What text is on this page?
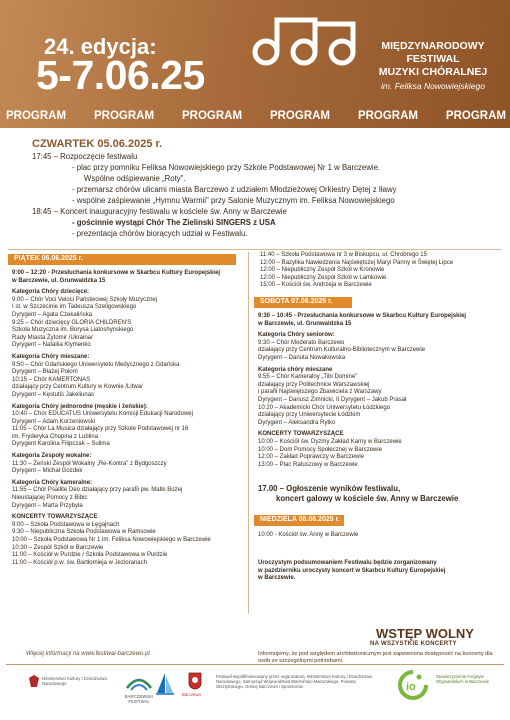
24. edycja:
5-7.06.25
MIĘDZYNARODOWY
FESTIWAL
MUZYKI CHÓRALNEJ
im. Feliksa Nowowiejskiego
PROGRAM PROGRAM PROGRAM PROGRAM PROGRAM PROGRAM
CZWARTEK 05.06.2025 r.
17:45 – Rozpoczęcie festiwalu
- plac przy pomniku Feliksa Nowowiejskiego przy Szkole Podstawowej Nr 1 w Barczewie.
Wspólne odśpiewanie „Roty".
- przemarsz chórów ulicami miasta Barczewo z udziałem Młodzieżowej Orkiestry Dętej z Iławy
- wspólne zaśpiewanie „Hymnu Warmii" przy Salonie Muzycznym im. Feliksa Nowowiejskiego
18:45 – Koncert inauguracyjny festiwalu w kościele św. Anny w Barczewie
- gościnnie wystąpi Chór The Zielinski SINGERS z USA
- prezentacja chórów biorących udział w Festiwalu.
PIĄTEK 06.06.2025 r.
9:00 – 12:20 - Przesłuchania konkursowe w Skarbcu Kultury Europejskiej
w Barczewie, ul. Grunwaldzka 15
Kategoria Chóry dziecięce:
9:00 – Chór Voci Veloci Państwowej Szkoły Muzycznej
I st. w Szczecinie im Tadeusza Szeligowskiego
Dyrygent – Agata Czekalińska
9:25 – Chór dziecięcy GLORIA CHILDREN'S
Szkoła Muzyczna im. Borysa Liatoshynskiego
Rady Miasta Żytomir /Ukraina/
Dyrygent – Nataliia Klymenko
Kategoria Chóry mieszane:
9:50 – Chór Gdańskiego Uniwersytetu Medycznego z Gdańska
Dyrygent – Błażej Połom
10:15 – Chór KAMERTONAS
działający przy Centrum Kultury w Kownie /Litwa/
Dyrygent – Kęstutis Jakeliunas
Kategoria Chóry jednorodne (męskie i żeńskie):
10:40 – Chór EDUCATUS Uniwersytetu Komisji Edukacji Narodowej
Dyrygent – Adam Korzeniowski
11:05 – Chór La Musica działający przy Szkole Podstawowej nr 16
im. Fryderyka Chopina z Lublina
Dyrygent Karolina Filipczak – Sulima
Kategoria Zespoły wokalne:
11:30 – Żeński Zespół Wokalny „Re-Kontra" z Bydgoszczy
Dyrygent – Michał Gozdek
Kategoria Chóry kameralne:
11:55 – Chór Psallite Deo działający przy parafii pw. Matki Bożej
Nieustającej Pomocy z Bibic
Dyrygent – Marta Przybyła
KONCERTY TOWARZYSZĄCE
9:00 – Szkoła Podstawowa w Łęgajnach
9:30 – Niepubliczna Szkoła Podstawowa w Ramsowie
10:00 – Szkoła Podstawowa Nr 1 im. Feliksa Nowowiejskiego w Barczewie
10:30 – Zespół Szkół w Barczewie
11:00 – Kościół w Purdzie / Szkoła Podstawowa w Purdzie
11:00 – Kościół p.w. św. Bartłomieja w Jezioranach
11:40 – Szkoła Podstawowa nr 3 w Biskupcu, ul. Chrobrego 15
12:00 – Bazylika Nawiedzenia Najświętszej Maryi Panny w Świętej Lipce
12:00 – Niepubliczny Zespół Szkół w Kronowie
12:00 – Niepubliczny Zespół Szkół w Lamkowie
15:00 – Kościół św. Andrzeja w Barczewie
SOBOTA 07.06.2025 r.
9:30 – 10:45 - Przesłuchania konkursowe w Skarbcu Kultury Europejskiej
w Barczewie, ul. Grunwaldzka 15
Kategoria Chóry seniorów:
9:30 – Chór Moderato Barczewo
działający przy Centrum Kulturalno-Bibliotecznym w Barczewie
Dyrygent – Danuta Nowakowska
Kategoria chóry mieszane
9:55 – Chór Kameralny „Tibi Domine"
działający przy Politechnice Warszawskiej
i parafii Najświętszego Zbawiciela z Warszawy
Dyrygent – Dariusz Zimnicki, II Dyrygent – Jakub Prasał
10:20 – Akademicki Chór Uniwersytetu Łódzkiego
działający przy Uniwersytecie Łódzkim
Dyrygent – Aleksandra Rytko
KONCERTY TOWARZYSZĄCE
10:00 – Kościół św. Dyzmy Zakład Karny w Barczewie
10:00 – Dom Pomocy Społecznej w Barczewie
12:00 – Zakład Poprawczy w Barczewie
13:00 – Plac Ratuszowy w Barczewie
17.00 – Ogłoszenie wyników festiwalu,
koncert galowy w kościele św. Anny w Barczewie
NIEDZIELA 08.06.2025 r.
10:00 - Kościół św. Anny w Barczewie
Uroczystym podsumowaniem Festiwalu będzie zorganizowany
w październiku uroczysty koncert w Skarbcu Kultury Europejskiej
w Barczewie.
WSTĘP WOLNY
NA WSZYSTKIE KONCERTY
Więcej informacji na www.festiwal-barczewo.pl	Informujemy, że pod względem architektonicznym jest zapewniona dostępność na koncerty dla osób ze szczególnymi potrzebami.
Ministerstwo Kultury i Dziedzictwa Narodowego
BARCZEWSKI FESTIWAL
Barczewo
Festiwal współfinansowany przez organizatora, Ministerstwo Kultury i Dziedzictwa Narodowego, Samorząd Województwa Warmińsko-Mazurskiego, Powiatu Olsztyńskiego, Gminę Barczewo i Sponsorów.	io
Stowarzyszenie Inicjatyw Obywatelskich w Barczewie
